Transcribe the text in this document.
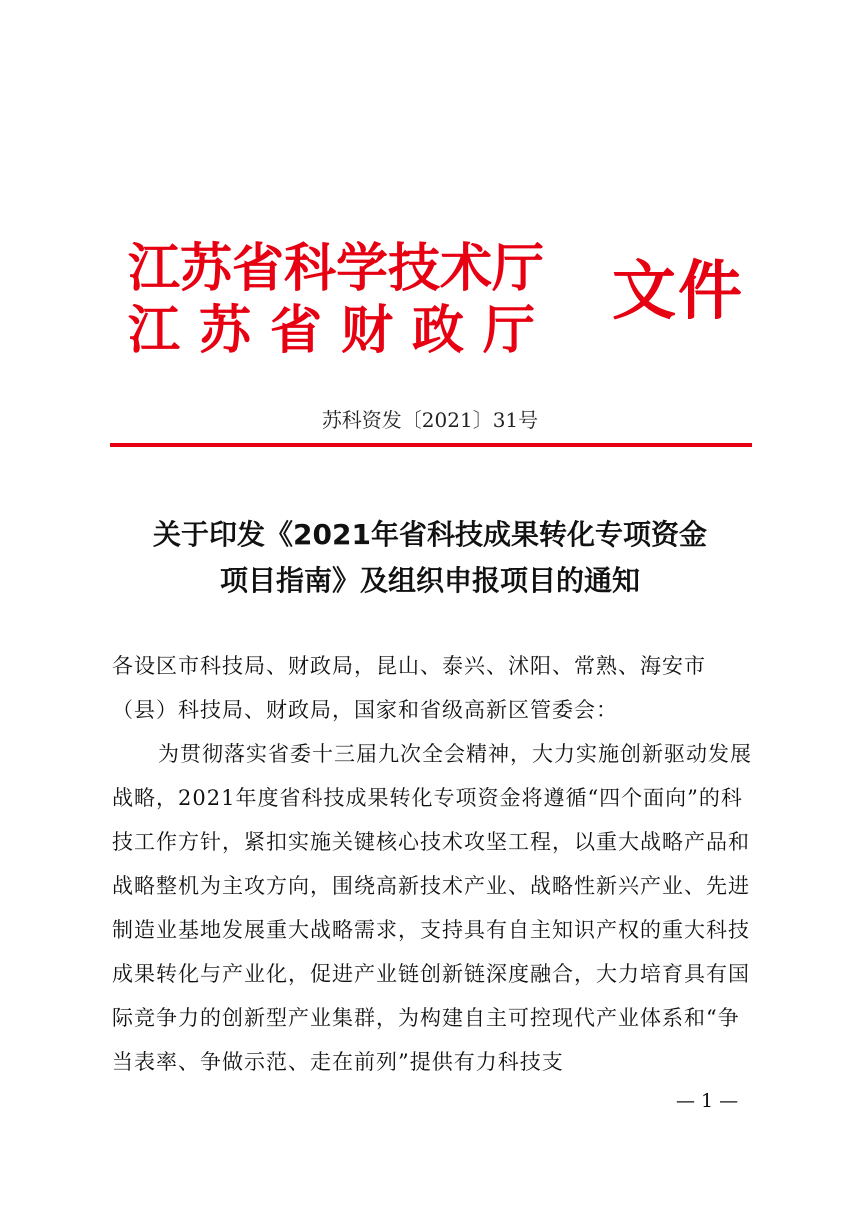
江苏省科学技术厅
江苏省财政厅
文件
苏科资发〔2021〕31号
关于印发《2021年省科技成果转化专项资金
项目指南》及组织申报项目的通知

各设区市科技局、财政局，昆山、泰兴、沭阳、常熟、海安市（县）科技局、财政局，国家和省级高新区管委会：

为贯彻落实省委十三届九次全会精神，大力实施创新驱动发展战略，2021年度省科技成果转化专项资金将遵循“四个面向”的科技工作方针，紧扣实施关键核心技术攻坚工程，以重大战略产品和战略整机为主攻方向，围绕高新技术产业、战略性新兴产业、先进制造业基地发展重大战略需求，支持具有自主知识产权的重大科技成果转化与产业化，促进产业链创新链深度融合，大力培育具有国际竞争力的创新型产业集群，为构建自主可控现代产业体系和“争当表率、争做示范、走在前列”提供有力科技支

— 1 —
